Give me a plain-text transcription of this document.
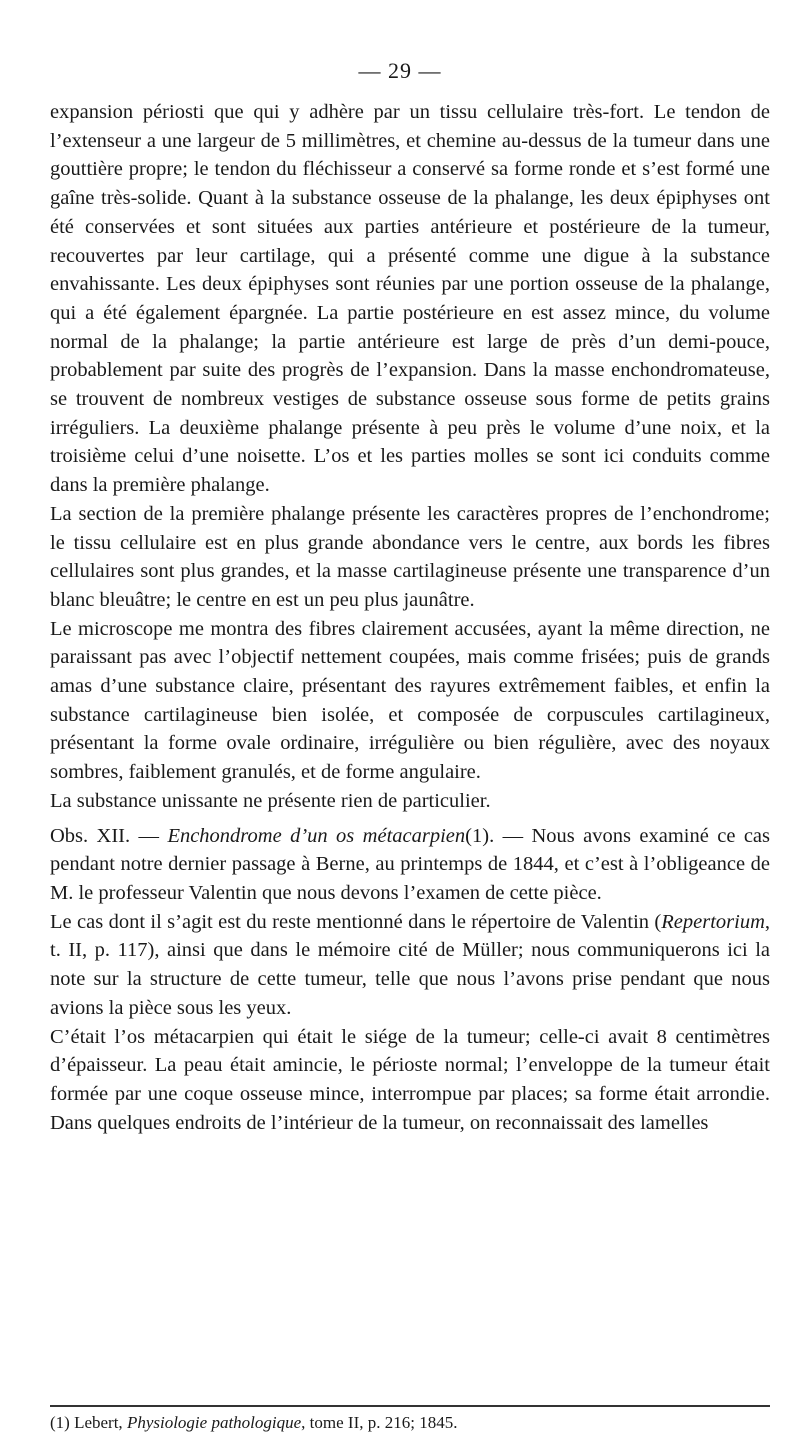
— 29 —

expansion périosti que qui y adhère par un tissu cellulaire très-fort. Le tendon de l’extenseur a une largeur de 5 millimètres, et chemine au-dessus de la tumeur dans une gouttière propre; le tendon du fléchisseur a conservé sa forme ronde et s’est formé une gaîne très-solide. Quant à la substance osseuse de la phalange, les deux épiphyses ont été conservées et sont situées aux parties antérieure et postérieure de la tumeur, recouvertes par leur cartilage, qui a présenté comme une digue à la substance envahissante. Les deux épiphyses sont réunies par une portion osseuse de la phalange, qui a été également épargnée. La partie postérieure en est assez mince, du volume normal de la phalange; la partie antérieure est large de près d’un demi-pouce, probablement par suite des progrès de l’expansion. Dans la masse enchondromateuse, se trouvent de nombreux vestiges de substance osseuse sous forme de petits grains irréguliers. La deuxième phalange présente à peu près le volume d’une noix, et la troisième celui d’une noisette. L’os et les parties molles se sont ici conduits comme dans la première phalange.

La section de la première phalange présente les caractères propres de l’enchondrome; le tissu cellulaire est en plus grande abondance vers le centre, aux bords les fibres cellulaires sont plus grandes, et la masse cartilagineuse présente une transparence d’un blanc bleuâtre; le centre en est un peu plus jaunâtre.

Le microscope me montra des fibres clairement accusées, ayant la même direction, ne paraissant pas avec l’objectif nettement coupées, mais comme frisées; puis de grands amas d’une substance claire, présentant des rayures extrêmement faibles, et enfin la substance cartilagineuse bien isolée, et composée de corpuscules cartilagineux, présentant la forme ovale ordinaire, irrégulière ou bien régulière, avec des noyaux sombres, faiblement granulés, et de forme angulaire.

La substance unissante ne présente rien de particulier.

Obs. XII. — Enchondrome d’un os métacarpien(1). — Nous avons examiné ce cas pendant notre dernier passage à Berne, au printemps de 1844, et c’est à l’obligeance de M. le professeur Valentin que nous devons l’examen de cette pièce.

Le cas dont il s’agit est du reste mentionné dans le répertoire de Valentin (Repertorium, t. II, p. 117), ainsi que dans le mémoire cité de Müller; nous communiquerons ici la note sur la structure de cette tumeur, telle que nous l’avons prise pendant que nous avions la pièce sous les yeux.

C’était l’os métacarpien qui était le siége de la tumeur; celle-ci avait 8 centimètres d’épaisseur. La peau était amincie, le périoste normal; l’enveloppe de la tumeur était formée par une coque osseuse mince, interrompue par places; sa forme était arrondie. Dans quelques endroits de l’intérieur de la tumeur, on reconnaissait des lamelles

(1) Lebert, Physiologie pathologique, tome II, p. 216; 1845.
